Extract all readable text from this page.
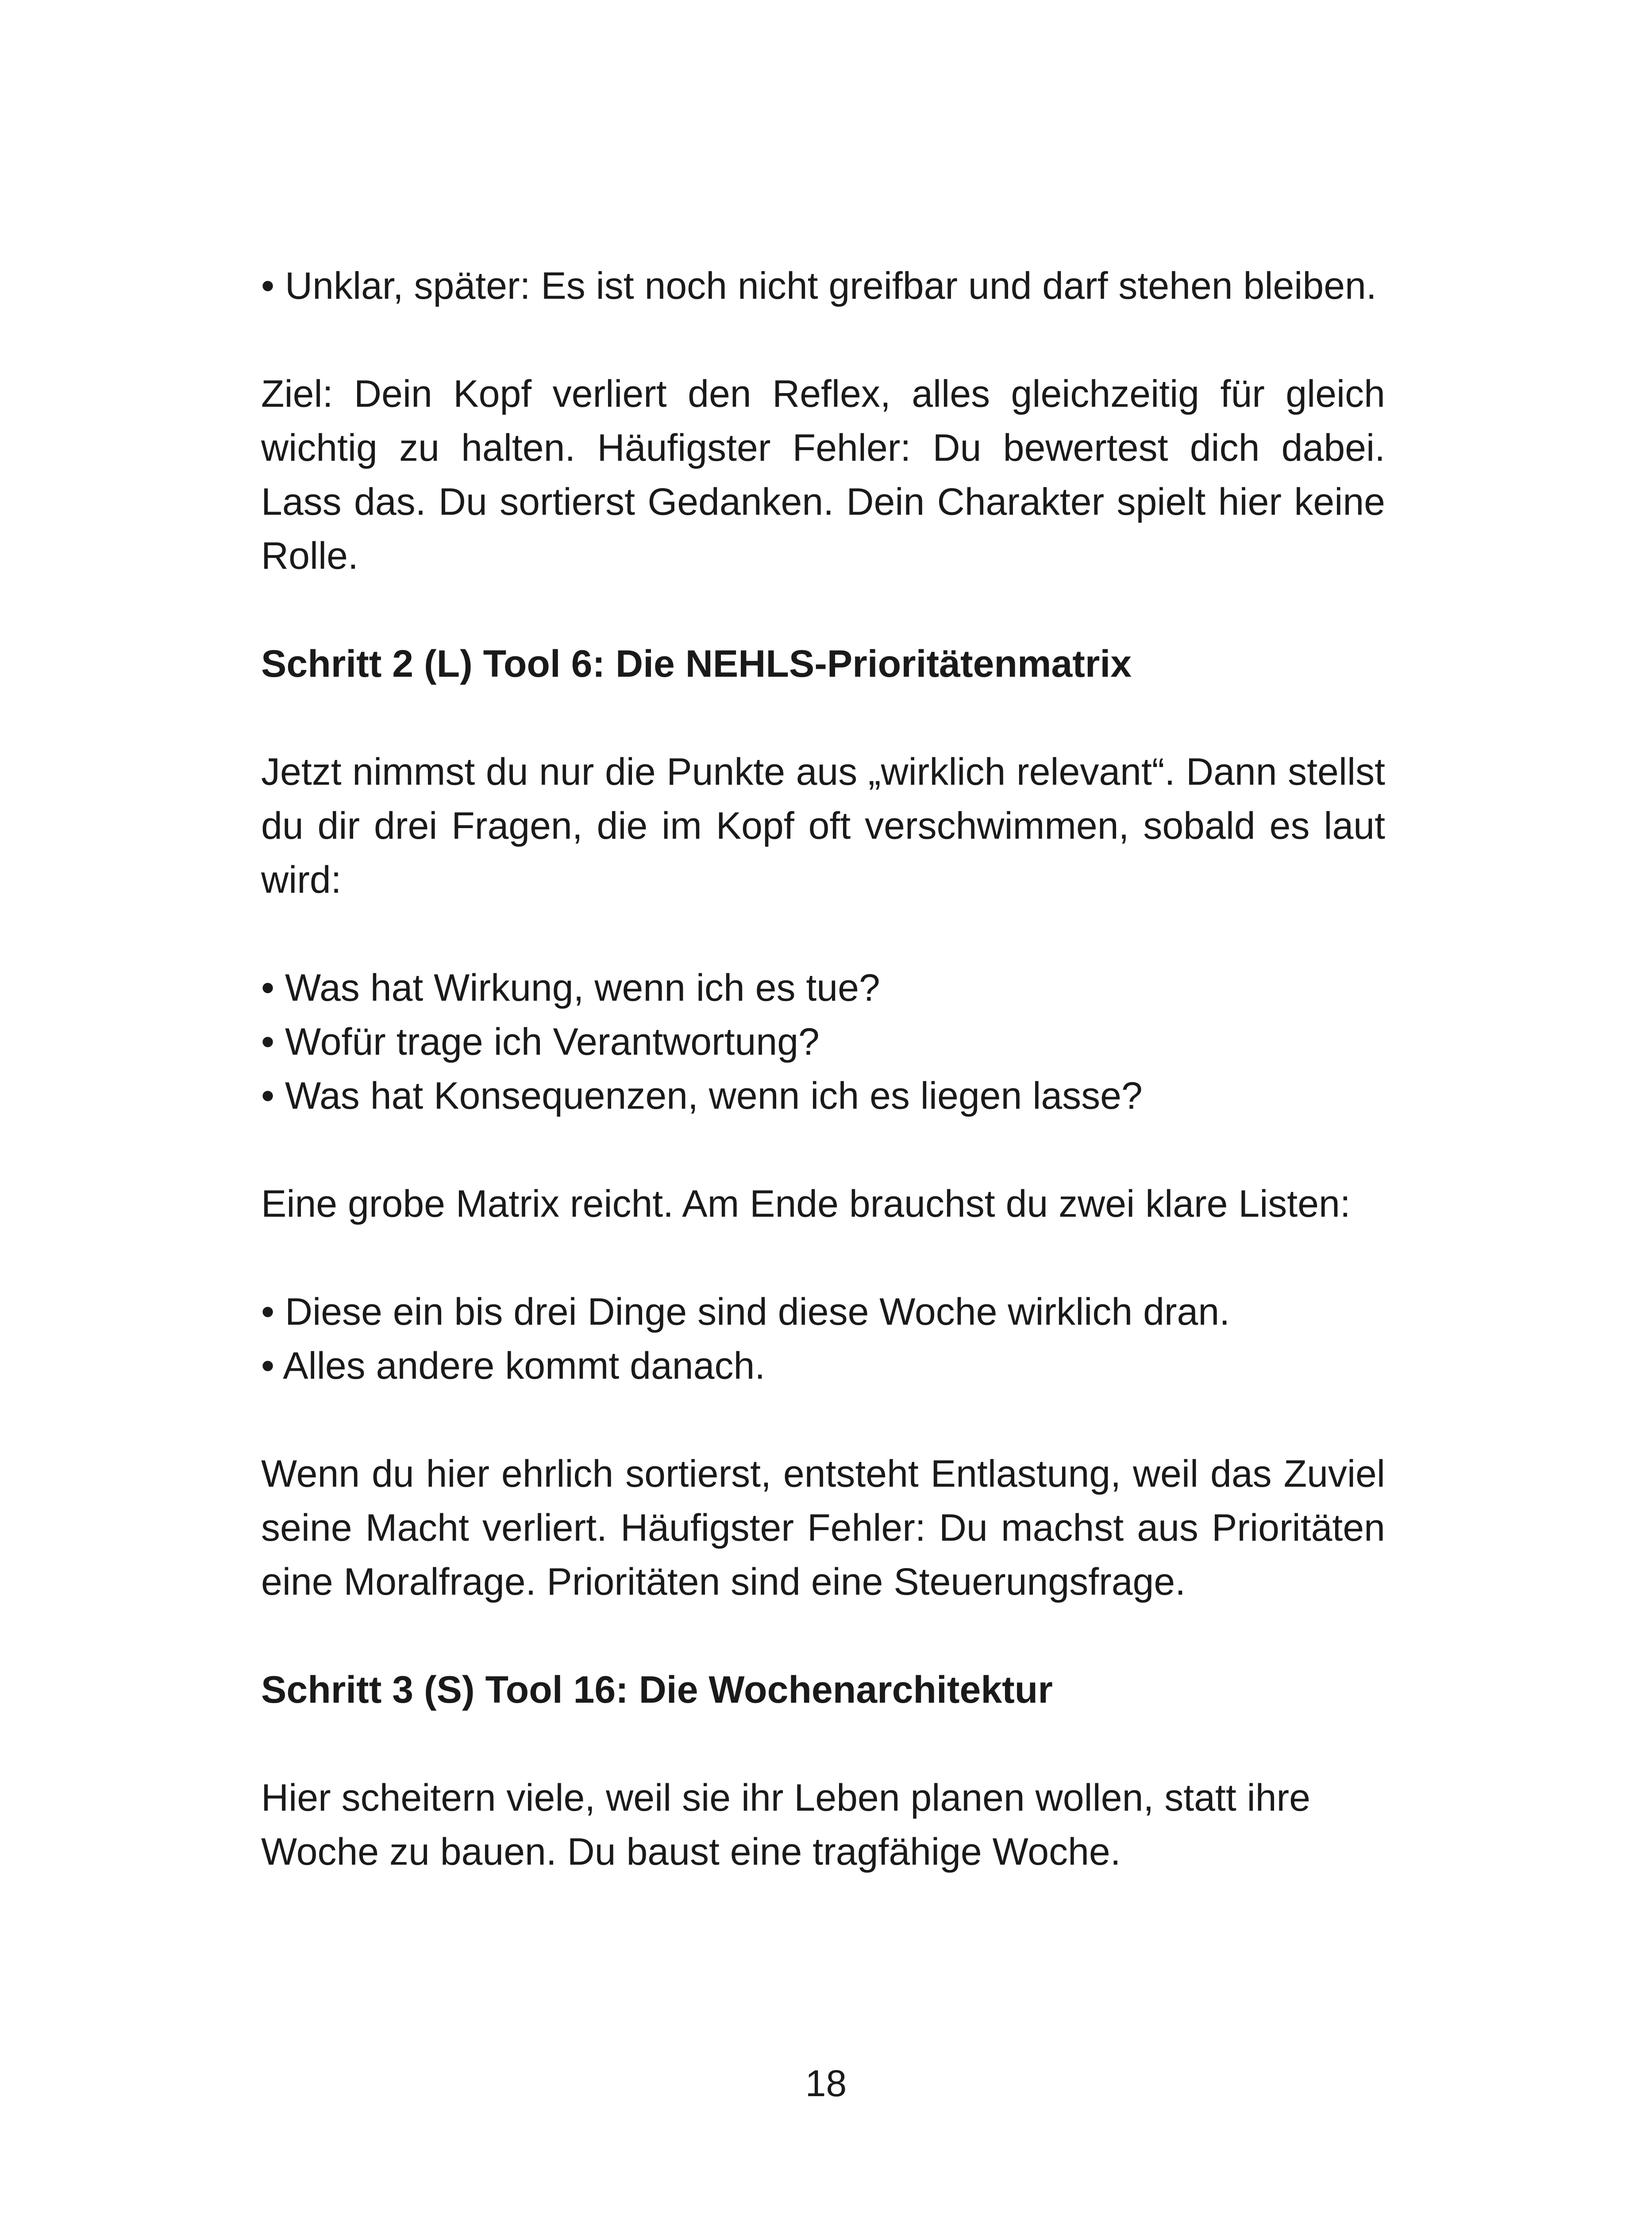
• Unklar, später: Es ist noch nicht greifbar und darf stehen bleiben.

Ziel: Dein Kopf verliert den Reflex, alles gleichzeitig für gleich wichtig zu halten. Häufigster Fehler: Du bewertest dich dabei. Lass das. Du sortierst Gedanken. Dein Charakter spielt hier keine Rolle.

Schritt 2 (L) Tool 6: Die NEHLS-Prioritätenmatrix

Jetzt nimmst du nur die Punkte aus „wirklich relevant“. Dann stellst du dir drei Fragen, die im Kopf oft verschwimmen, sobald es laut wird:

• Was hat Wirkung, wenn ich es tue?
• Wofür trage ich Verantwortung?
• Was hat Konsequenzen, wenn ich es liegen lasse?

Eine grobe Matrix reicht. Am Ende brauchst du zwei klare Listen:

• Diese ein bis drei Dinge sind diese Woche wirklich dran.
• Alles andere kommt danach.

Wenn du hier ehrlich sortierst, entsteht Entlastung, weil das Zuviel seine Macht verliert. Häufigster Fehler: Du machst aus Prioritäten eine Moralfrage. Prioritäten sind eine Steuerungsfrage.

Schritt 3 (S) Tool 16: Die Wochenarchitektur

Hier scheitern viele, weil sie ihr Leben planen wollen, statt ihre Woche zu bauen. Du baust eine tragfähige Woche.

18
